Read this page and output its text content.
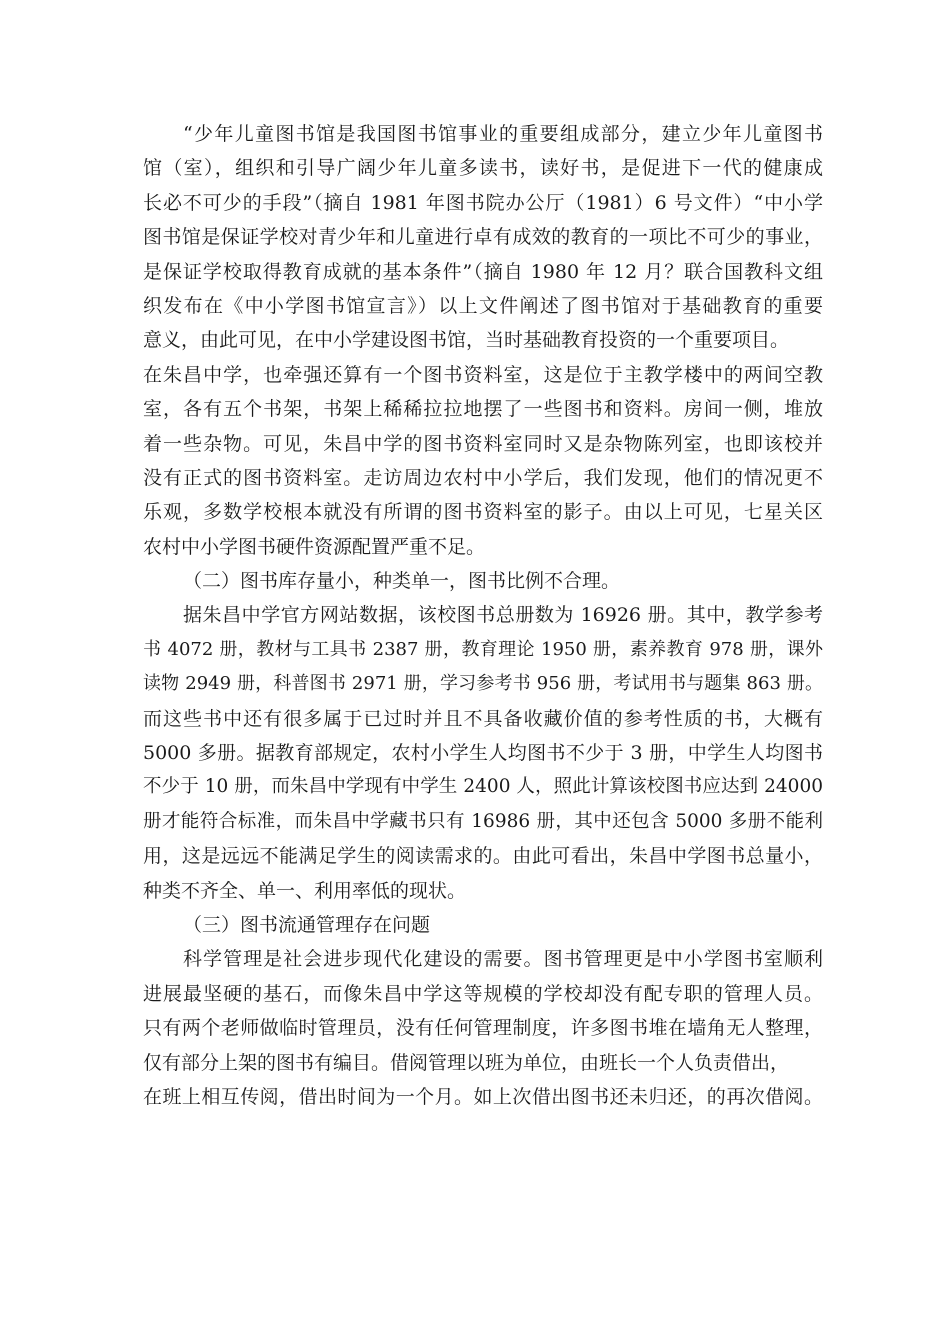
“少年儿童图书馆是我国图书馆事业的重要组成部分，建立少年儿童图书
馆（室），组织和引导广阔少年儿童多读书，读好书，是促进下一代的健康成
长必不可少的手段”（摘自 1981 年图书院办公厅（1981）6 号文件）“中小学
图书馆是保证学校对青少年和儿童进行卓有成效的教育的一项比不可少的事业，
是保证学校取得教育成就的基本条件”（摘自 1980 年 12 月？联合国教科文组
织发布在《中小学图书馆宣言》）以上文件阐述了图书馆对于基础教育的重要
意义，由此可见，在中小学建设图书馆，当时基础教育投资的一个重要项目。
在朱昌中学，也牵强还算有一个图书资料室，这是位于主教学楼中的两间空教
室，各有五个书架，书架上稀稀拉拉地摆了一些图书和资料。房间一侧，堆放
着一些杂物。可见，朱昌中学的图书资料室同时又是杂物陈列室，也即该校并
没有正式的图书资料室。走访周边农村中小学后，我们发现，他们的情况更不
乐观，多数学校根本就没有所谓的图书资料室的影子。由以上可见，七星关区
农村中小学图书硬件资源配置严重不足。
（二）图书库存量小，种类单一，图书比例不合理。
据朱昌中学官方网站数据，该校图书总册数为 16926 册。其中，教学参考
书 4072 册，教材与工具书 2387 册，教育理论 1950 册，素养教育 978 册，课外
读物 2949 册，科普图书 2971 册，学习参考书 956 册，考试用书与题集 863 册。
而这些书中还有很多属于已过时并且不具备收藏价值的参考性质的书，大概有
5000 多册。据教育部规定，农村小学生人均图书不少于 3 册，中学生人均图书
不少于 10 册，而朱昌中学现有中学生 2400 人，照此计算该校图书应达到 24000
册才能符合标准，而朱昌中学藏书只有 16986 册，其中还包含 5000 多册不能利
用，这是远远不能满足学生的阅读需求的。由此可看出，朱昌中学图书总量小，
种类不齐全、单一、利用率低的现状。
（三）图书流通管理存在问题
科学管理是社会进步现代化建设的需要。图书管理更是中小学图书室顺利
进展最坚硬的基石，而像朱昌中学这等规模的学校却没有配专职的管理人员。
只有两个老师做临时管理员，没有任何管理制度，许多图书堆在墙角无人整理，
仅有部分上架的图书有编目。借阅管理以班为单位，由班长一个人负责借出，
在班上相互传阅，借出时间为一个月。如上次借出图书还未归还，的再次借阅。
